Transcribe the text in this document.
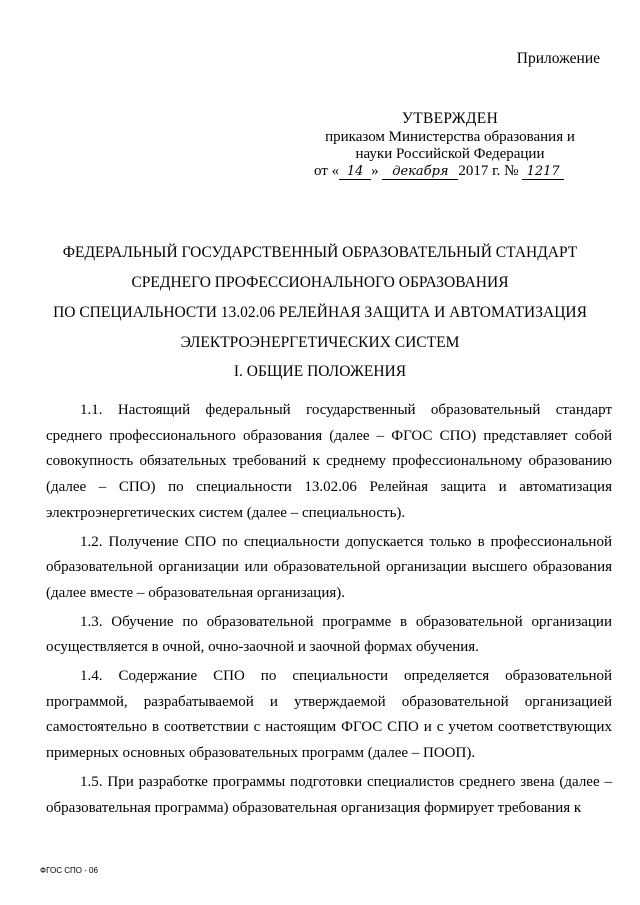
Приложение
УТВЕРЖДЕН
приказом Министерства образования и
науки Российской Федерации
от « 14 » декабря 2017 г. № 1217
ФЕДЕРАЛЬНЫЙ ГОСУДАРСТВЕННЫЙ ОБРАЗОВАТЕЛЬНЫЙ СТАНДАРТ
СРЕДНЕГО ПРОФЕССИОНАЛЬНОГО ОБРАЗОВАНИЯ
ПО СПЕЦИАЛЬНОСТИ 13.02.06 РЕЛЕЙНАЯ ЗАЩИТА И АВТОМАТИЗАЦИЯ
ЭЛЕКТРОЭНЕРГЕТИЧЕСКИХ СИСТЕМ
I. ОБЩИЕ ПОЛОЖЕНИЯ

1.1. Настоящий федеральный государственный образовательный стандарт среднего профессионального образования (далее – ФГОС СПО) представляет собой совокупность обязательных требований к среднему профессиональному образованию (далее – СПО) по специальности 13.02.06 Релейная защита и автоматизация электроэнергетических систем (далее – специальность).

1.2. Получение СПО по специальности допускается только в профессиональной образовательной организации или образовательной организации высшего образования (далее вместе – образовательная организация).

1.3. Обучение по образовательной программе в образовательной организации осуществляется в очной, очно-заочной и заочной формах обучения.

1.4. Содержание СПО по специальности определяется образовательной программой, разрабатываемой и утверждаемой образовательной организацией самостоятельно в соответствии с настоящим ФГОС СПО и с учетом соответствующих примерных основных образовательных программ (далее – ПООП).

1.5. При разработке программы подготовки специалистов среднего звена (далее – образовательная программа) образовательная организация формирует требования к

ФГОС СПО - 06
